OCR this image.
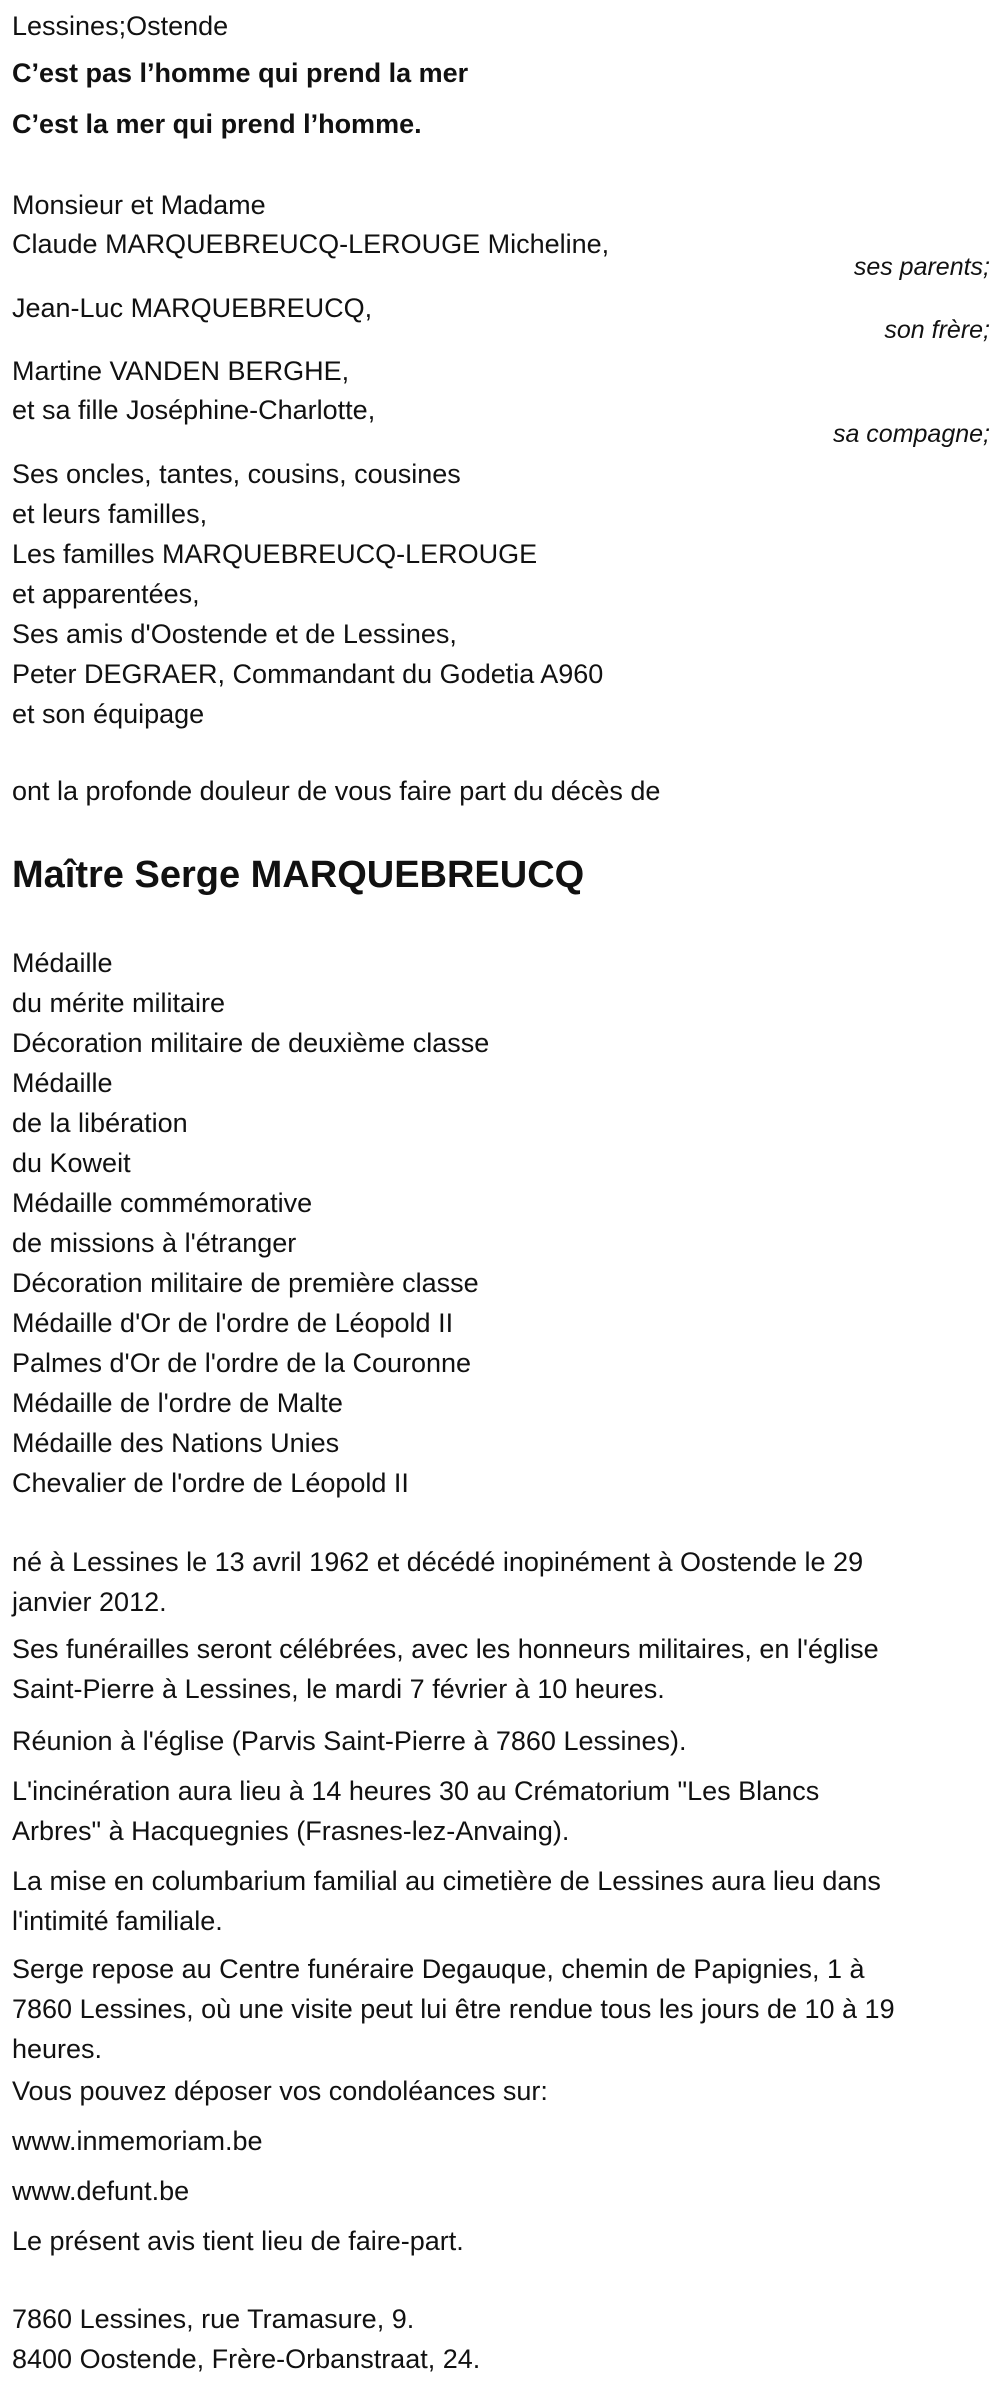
Lessines;Ostende
C’est pas l’homme qui prend la mer
C’est la mer qui prend l’homme.
Monsieur et Madame
Claude MARQUEBREUCQ-LEROUGE Micheline,
ses parents;
Jean-Luc MARQUEBREUCQ,
son frère;
Martine VANDEN BERGHE,
et sa fille Joséphine-Charlotte,
sa compagne;
Ses oncles, tantes, cousins, cousines
et leurs familles,
Les familles MARQUEBREUCQ-LEROUGE
et apparentées,
Ses amis d'Oostende et de Lessines,
Peter DEGRAER, Commandant du Godetia A960
et son équipage
ont la profonde douleur de vous faire part du décès de
Maître Serge MARQUEBREUCQ
Médaille
du mérite militaire
Décoration militaire de deuxième classe
Médaille
de la libération
du Koweit
Médaille commémorative
de missions à l'étranger
Décoration militaire de première classe
Médaille d'Or de l'ordre de Léopold II
Palmes d'Or de l'ordre de la Couronne
Médaille de l'ordre de Malte
Médaille des Nations Unies
Chevalier de l'ordre de Léopold II
né à Lessines le 13 avril 1962 et décédé inopinément à Oostende le 29
janvier 2012.
Ses funérailles seront célébrées, avec les honneurs militaires, en l'église
Saint-Pierre à Lessines, le mardi 7 février à 10 heures.
Réunion à l'église (Parvis Saint-Pierre à 7860 Lessines).
L'incinération aura lieu à 14 heures 30 au Crématorium "Les Blancs
Arbres" à Hacquegnies (Frasnes-lez-Anvaing).
La mise en columbarium familial au cimetière de Lessines aura lieu dans
l'intimité familiale.
Serge repose au Centre funéraire Degauque, chemin de Papignies, 1 à
7860 Lessines, où une visite peut lui être rendue tous les jours de 10 à 19
heures.
Vous pouvez déposer vos condoléances sur:
www.inmemoriam.be
www.defunt.be
Le présent avis tient lieu de faire-part.
7860 Lessines, rue Tramasure, 9.
8400 Oostende, Frère-Orbanstraat, 24.
